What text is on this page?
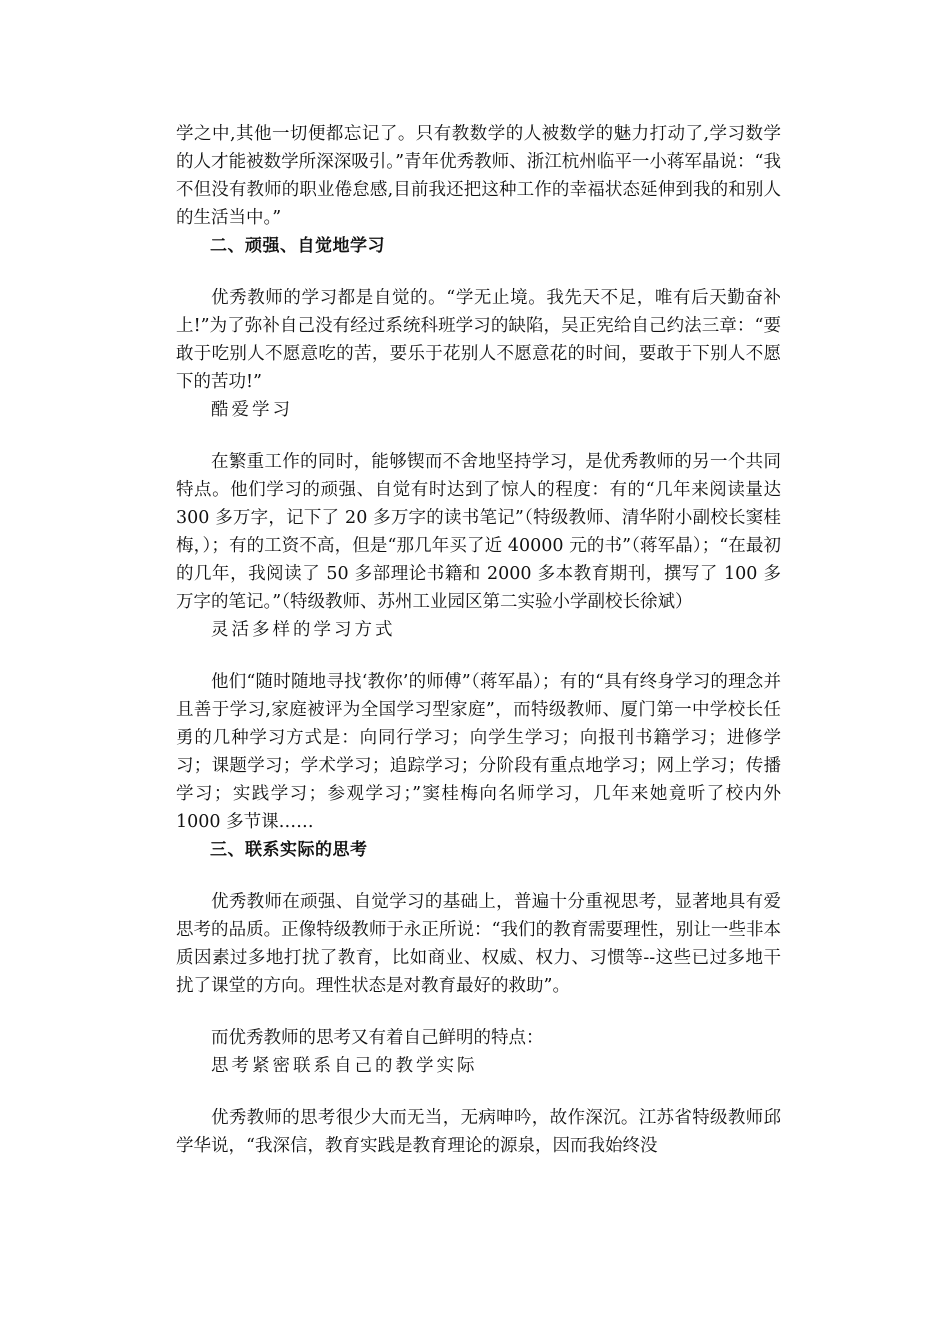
学之中,其他一切便都忘记了。只有教数学的人被数学的魅力打动了,学习数学的人才能被数学所深深吸引。”青年优秀教师、浙江杭州临平一小蒋军晶说：“我不但没有教师的职业倦怠感,目前我还把这种工作的幸福状态延伸到我的和别人的生活当中。”

二、顽强、自觉地学习

优秀教师的学习都是自觉的。“学无止境。我先天不足，唯有后天勤奋补上!”为了弥补自己没有经过系统科班学习的缺陷，吴正宪给自己约法三章：“要敢于吃别人不愿意吃的苦，要乐于花别人不愿意花的时间，要敢于下别人不愿下的苦功!”

酷爱学习

在繁重工作的同时，能够锲而不舍地坚持学习，是优秀教师的另一个共同特点。他们学习的顽强、自觉有时达到了惊人的程度：有的“几年来阅读量达 300 多万字，记下了 20 多万字的读书笔记”（特级教师、清华附小副校长窦桂梅，）；有的工资不高，但是“那几年买了近 40000 元的书”（蒋军晶）；“在最初的几年，我阅读了 50 多部理论书籍和 2000 多本教育期刊，撰写了 100 多万字的笔记。”（特级教师、苏州工业园区第二实验小学副校长徐斌）

灵活多样的学习方式

他们“随时随地寻找‘教你’的师傅”（蒋军晶）；有的“具有终身学习的理念并且善于学习,家庭被评为全国学习型家庭”，而特级教师、厦门第一中学校长任勇的几种学习方式是：向同行学习；向学生学习；向报刊书籍学习；进修学习；课题学习；学术学习；追踪学习；分阶段有重点地学习；网上学习；传播学习；实践学习；参观学习；”窦桂梅向名师学习，几年来她竟听了校内外 1000 多节课……

三、联系实际的思考

优秀教师在顽强、自觉学习的基础上，普遍十分重视思考，显著地具有爱思考的品质。正像特级教师于永正所说：“我们的教育需要理性，别让一些非本质因素过多地打扰了教育，比如商业、权威、权力、习惯等--这些已过多地干扰了课堂的方向。理性状态是对教育最好的救助”。

而优秀教师的思考又有着自己鲜明的特点：

思考紧密联系自己的教学实际

优秀教师的思考很少大而无当，无病呻吟，故作深沉。江苏省特级教师邱学华说，“我深信，教育实践是教育理论的源泉，因而我始终没
